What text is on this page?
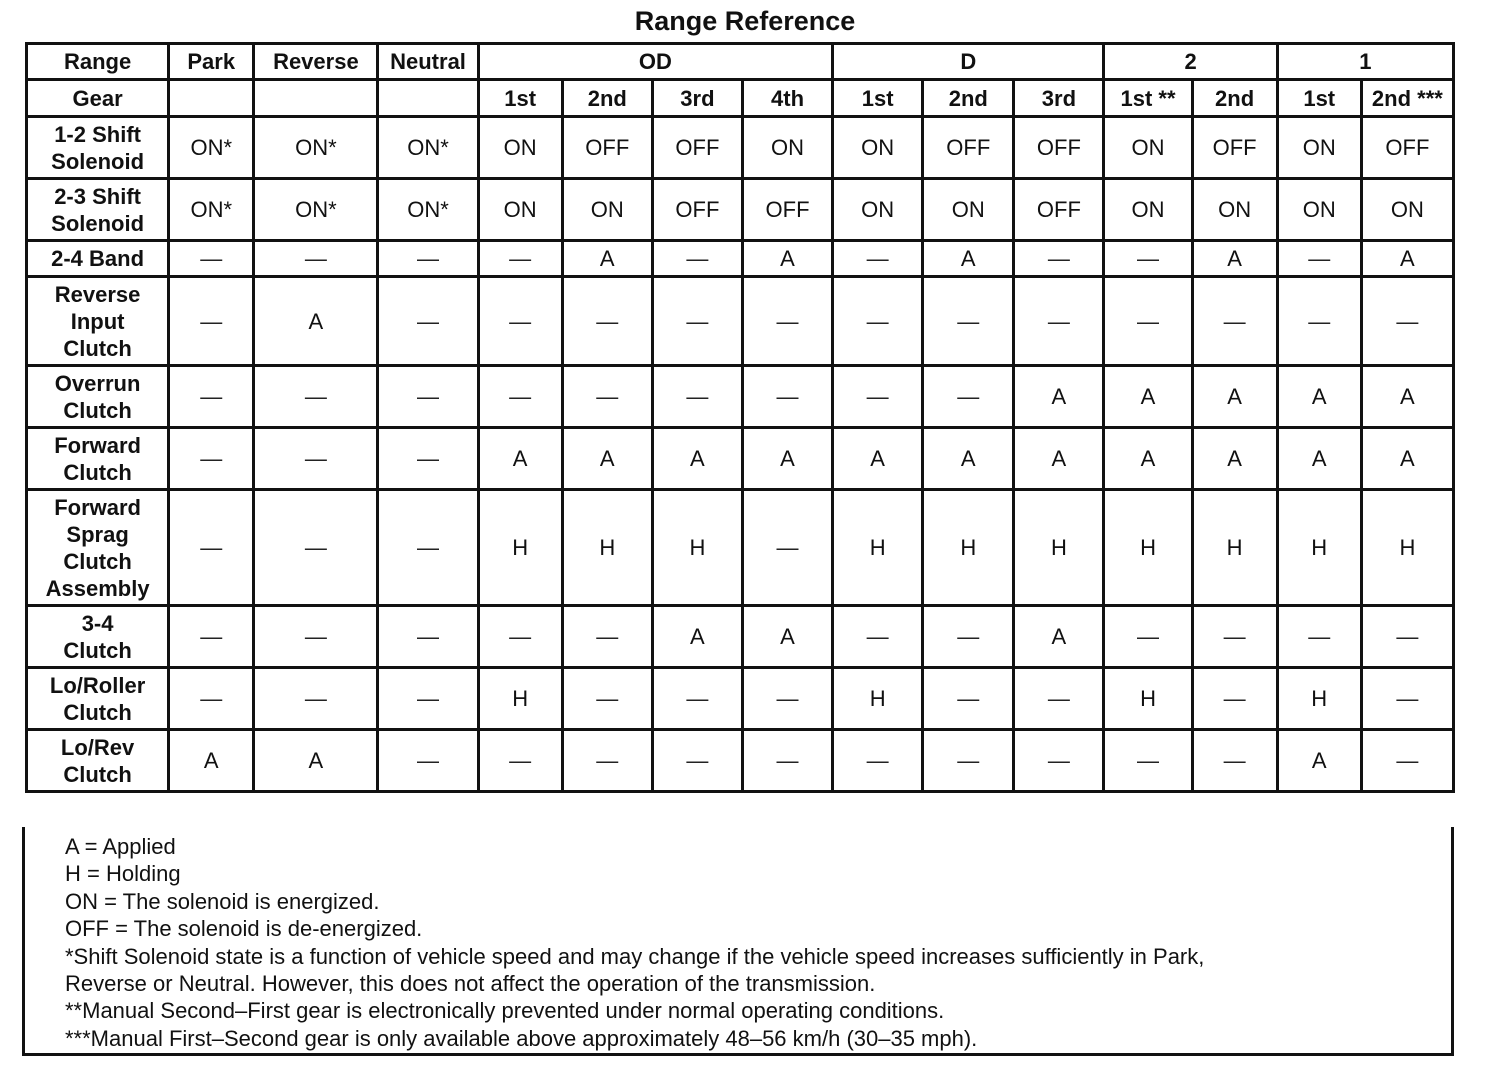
Range Reference
Range	Park	Reverse	Neutral	OD				D			2		1	
Gear				1st	2nd	3rd	4th	1st	2nd	3rd	1st **	2nd	1st	2nd ***

1-2 Shift
Solenoid	ON*	ON*	ON*	ON	OFF	OFF	ON	ON	OFF	OFF	ON	OFF	ON	OFF

2-3 Shift
Solenoid	ON*	ON*	ON*	ON	ON	OFF	OFF	ON	ON	OFF	ON	ON	ON	ON

2-4 Band	—	—	—	—	A	—	A	—	A	—	—	A	—	A

Reverse
Input
Clutch	—	A	—	—	—	—	—	—	—	—	—	—	—	—

Overrun
Clutch	—	—	—	—	—	—	—	—	—	A	A	A	A	A

Forward
Clutch	—	—	—	A	A	A	A	A	A	A	A	A	A	A

Forward
Sprag
Clutch
Assembly	—	—	—	H	H	H	—	H	H	H	H	H	H	H

3-4
Clutch	—	—	—	—	—	A	A	—	—	A	—	—	—	—

Lo/Roller
Clutch	—	—	—	H	—	—	—	H	—	—	H	—	H	—

Lo/Rev
Clutch	A	A	—	—	—	—	—	—	—	—	—	—	A	—
A = Applied
H = Holding
ON = The solenoid is energized.
OFF = The solenoid is de-energized.
*Shift Solenoid state is a function of vehicle speed and may change if the vehicle speed increases sufficiently in Park,
Reverse or Neutral. However, this does not affect the operation of the transmission.
**Manual Second–First gear is electronically prevented under normal operating conditions.
***Manual First–Second gear is only available above approximately 48–56 km/h (30–35 mph).
